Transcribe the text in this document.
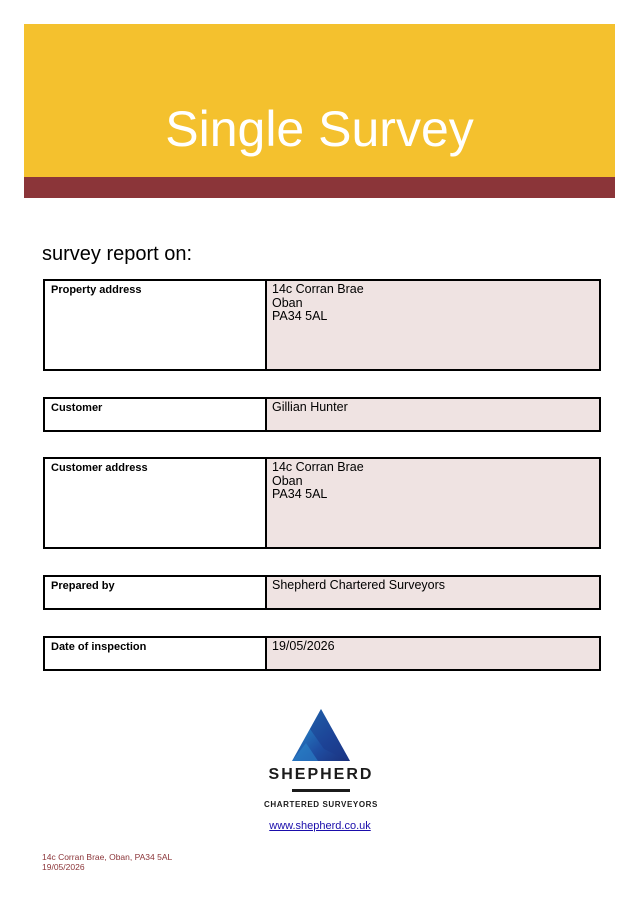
Single Survey
survey report on:
Property address	14c Corran Brae
Oban
PA34 5AL
Customer	Gillian Hunter
Customer address	14c Corran Brae
Oban
PA34 5AL
Prepared by	Shepherd Chartered Surveyors
Date of inspection	19/05/2026
SHEPHERD
CHARTERED SURVEYORS
www.shepherd.co.uk
14c Corran Brae, Oban, PA34 5AL
19/05/2026
